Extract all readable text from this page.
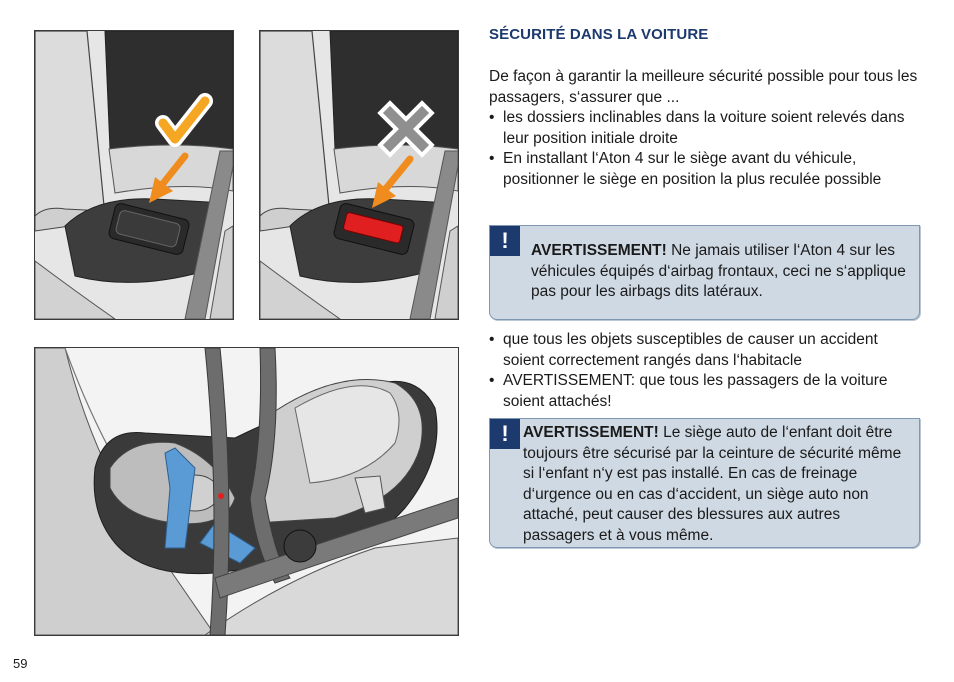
SÉCURITÉ DANS LA VOITURE
De façon à garantir la meilleure sécurité possible pour tous les passagers, s‘assurer que ...
• les dossiers inclinables dans la voiture soient relevés dans leur position initiale droite
• En installant l‘Aton 4 sur le siège avant du véhicule, positionner le siège en position la plus reculée possible
!	AVERTISSEMENT! Ne jamais utiliser l‘Aton 4 sur les véhicules équipés d‘airbag frontaux, ceci ne s‘applique pas pour les airbags dits latéraux.
• que tous les objets susceptibles de causer un accident soient correctement rangés dans l‘habitacle
• AVERTISSEMENT: que tous les passagers de la voiture soient attachés!
! AVERTISSEMENT! Le siège auto de l‘enfant doit être toujours être sécurisé par la ceinture de sécurité même si l‘enfant n‘y est pas installé. En cas de freinage d‘urgence ou en cas d‘accident, un siège auto non attaché, peut causer des blessures aux autres passagers et à vous même.
59
